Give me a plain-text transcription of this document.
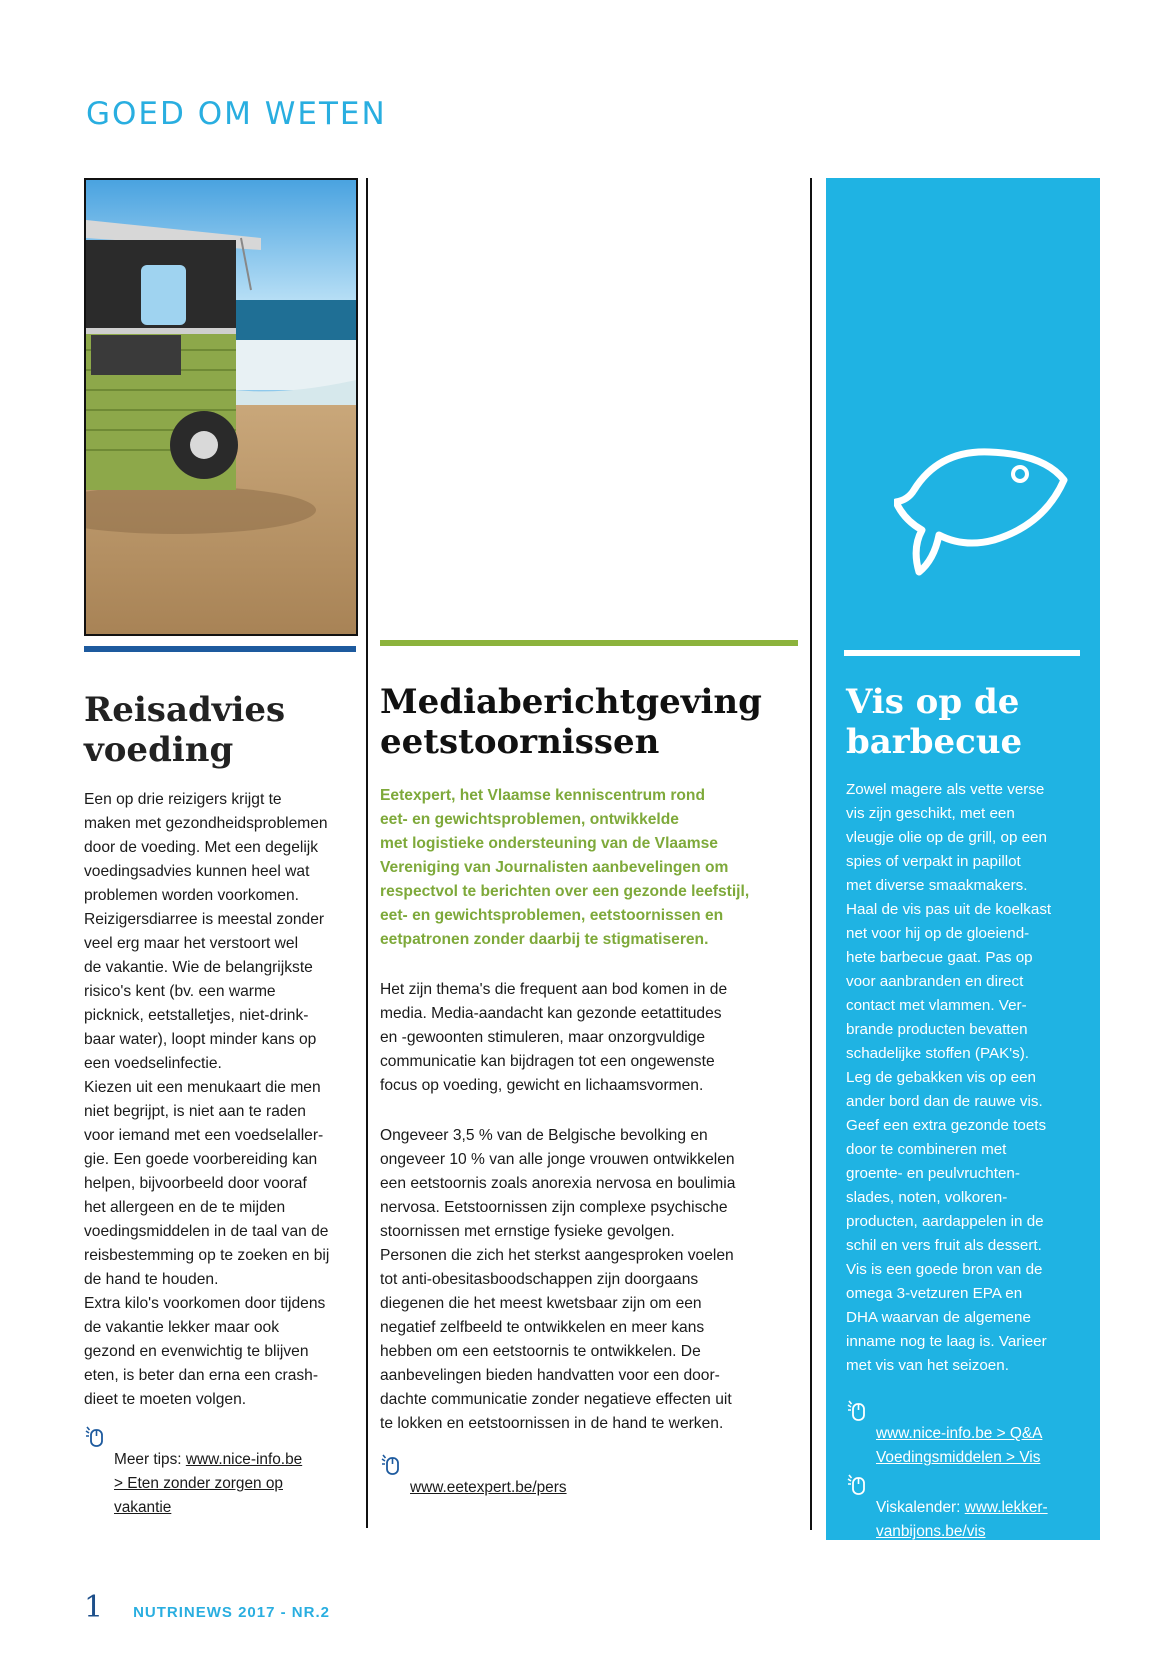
GOED OM WETEN
Reisadvies
voeding

Een op drie reizigers krijgt te
maken met gezondheidsproblemen
door de voeding. Met een degelijk
voedingsadvies kunnen heel wat
problemen worden voorkomen.
Reizigersdiarree is meestal zonder
veel erg maar het verstoort wel
de vakantie. Wie de belangrijkste
risico's kent (bv. een warme
picknick, eetstalletjes, niet-drink-
baar water), loopt minder kans op
een voedselinfectie.
Kiezen uit een menukaart die men
niet begrijpt, is niet aan te raden
voor iemand met een voedselaller-
gie. Een goede voorbereiding kan
helpen, bijvoorbeeld door vooraf
het allergeen en de te mijden
voedingsmiddelen in de taal van de
reisbestemming op te zoeken en bij
de hand te houden.
Extra kilo's voorkomen door tijdens
de vakantie lekker maar ook
gezond en evenwichtig te blijven
eten, is beter dan erna een crash-
dieet te moeten volgen.

Meer tips: www.nice-info.be
> Eten zonder zorgen op
vakantie

Mediaberichtgeving
eetstoornissen

Eetexpert, het Vlaamse kenniscentrum rond
eet- en gewichtsproblemen, ontwikkelde
met logistieke ondersteuning van de Vlaamse
Vereniging van Journalisten aanbevelingen om
respectvol te berichten over een gezonde leefstijl,
eet- en gewichtsproblemen, eetstoornissen en
eetpatronen zonder daarbij te stigmatiseren.

Het zijn thema's die frequent aan bod komen in de
media. Media-aandacht kan gezonde eetattitudes
en -gewoonten stimuleren, maar onzorgvuldige
communicatie kan bijdragen tot een ongewenste
focus op voeding, gewicht en lichaamsvormen.

Ongeveer 3,5 % van de Belgische bevolking en
ongeveer 10 % van alle jonge vrouwen ontwikkelen
een eetstoornis zoals anorexia nervosa en boulimia
nervosa. Eetstoornissen zijn complexe psychische
stoornissen met ernstige fysieke gevolgen.
Personen die zich het sterkst aangesproken voelen
tot anti-obesitasboodschappen zijn doorgaans
diegenen die het meest kwetsbaar zijn om een
negatief zelfbeeld te ontwikkelen en meer kans
hebben om een eetstoornis te ontwikkelen. De
aanbevelingen bieden handvatten voor een door-
dachte communicatie zonder negatieve effecten uit
te lokken en eetstoornissen in de hand te werken.

www.eetexpert.be/pers

Vis op de
barbecue

Zowel magere als vette verse
vis zijn geschikt, met een
vleugje olie op de grill, op een
spies of verpakt in papillot
met diverse smaakmakers.
Haal de vis pas uit de koelkast
net voor hij op de gloeiend-
hete barbecue gaat. Pas op
voor aanbranden en direct
contact met vlammen. Ver-
brande producten bevatten
schadelijke stoffen (PAK's).
Leg de gebakken vis op een
ander bord dan de rauwe vis.
Geef een extra gezonde toets
door te combineren met
groente- en peulvruchten-
slades, noten, volkoren-
producten, aardappelen in de
schil en vers fruit als dessert.
Vis is een goede bron van de
omega 3-vetzuren EPA en
DHA waarvan de algemene
inname nog te laag is. Varieer
met vis van het seizoen.

www.nice-info.be > Q&A
Voedingsmiddelen > Vis

Viskalender: www.lekker-
vanbijons.be/vis

1 NUTRINEWS 2017 - NR.2
